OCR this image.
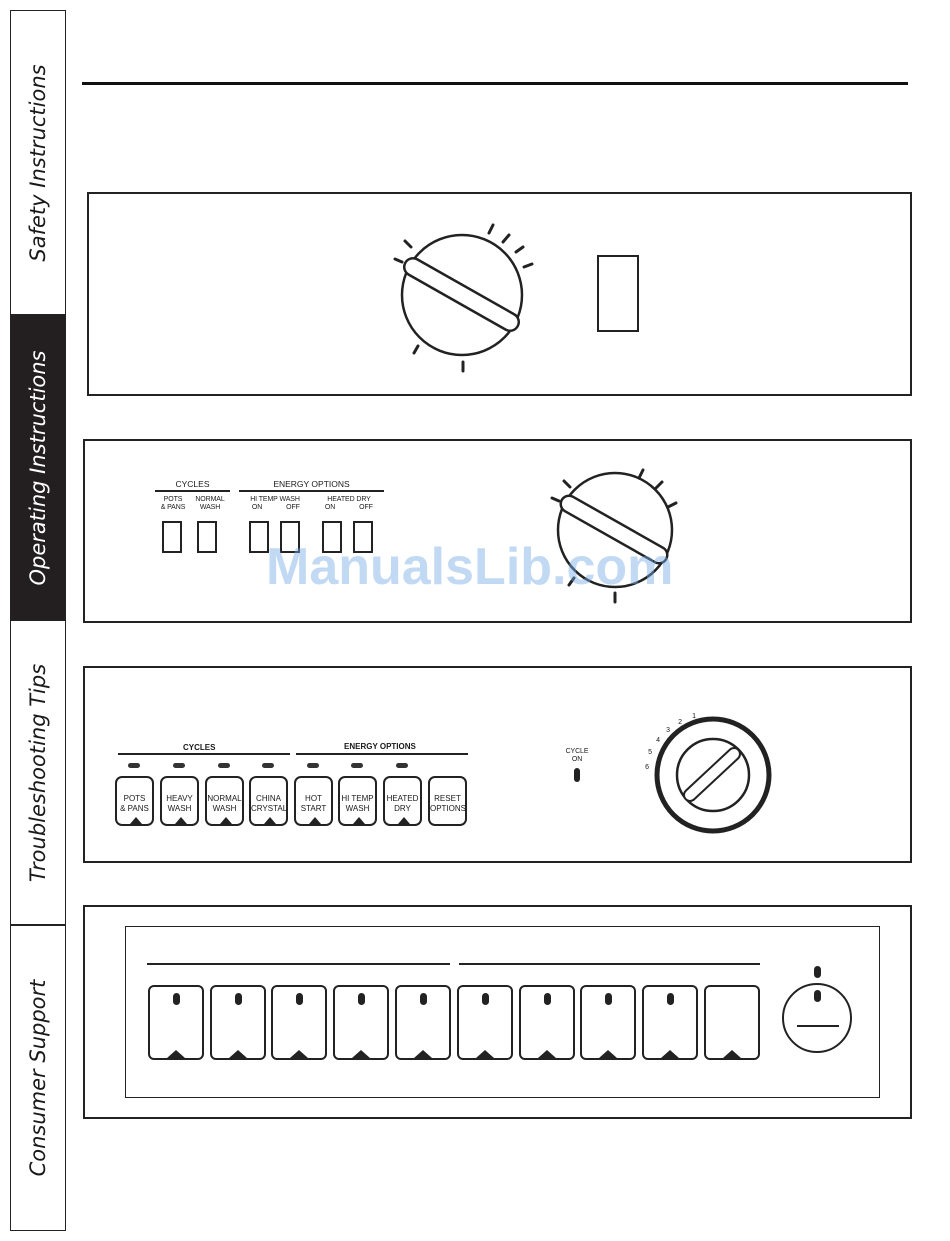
Safety Instructions
Operating Instructions
Troubleshooting Tips
Consumer Support
CYCLES	ENERGY OPTIONS
POTS
& PANS
NORMAL
WASH
HI TEMP WASH	HEATED DRY
ON	OFF	ON	OFF
CYCLES	ENERGY OPTIONS
POTS
& PANS
HEAVY
WASH
NORMAL
WASH
CHINA
CRYSTAL
HOT
START
HI TEMP
WASH
HEATED
DRY
RESET
OPTIONS
CYCLE
ON
6
5
4
3
2
1
ManualsLib.com
